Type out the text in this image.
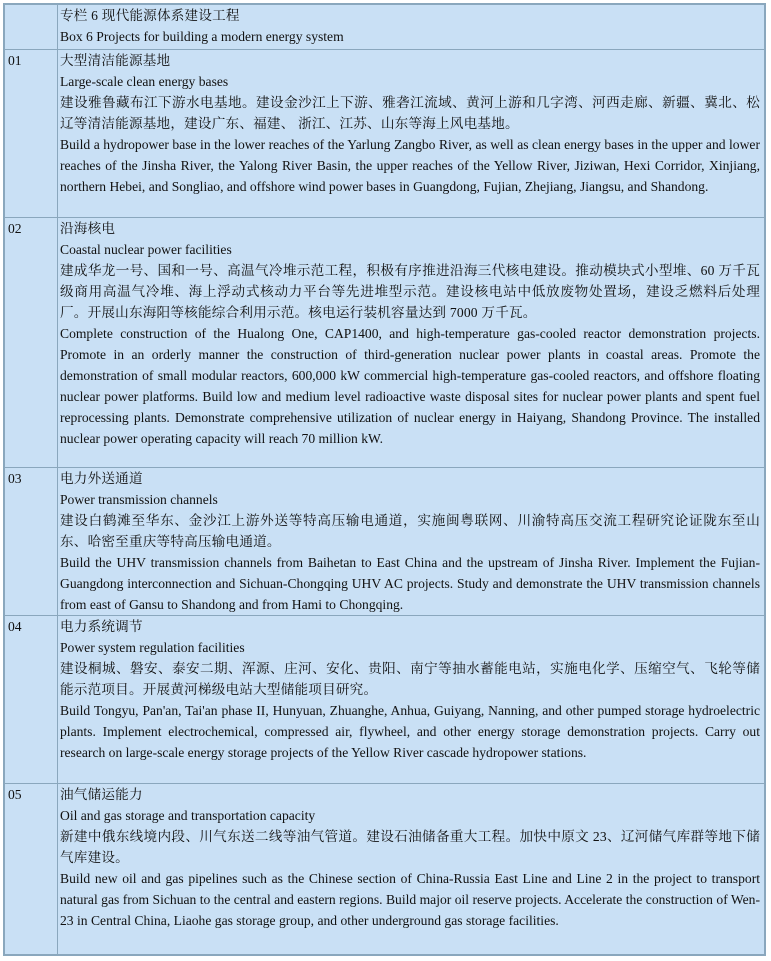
	专栏 6 现代能源体系建设工程
Box 6 Projects for building a modern energy system

01	大型清洁能源基地
Large-scale clean energy bases
建设雅鲁藏布江下游水电基地。建设金沙江上下游、雅砻江流域、黄河上游和几字湾、河西走廊、新疆、冀北、松辽等清洁能源基地，建设广东、福建、 浙江、江苏、山东等海上风电基地。
Build a hydropower base in the lower reaches of the Yarlung Zangbo River, as well as clean energy bases in the upper and lower reaches of the Jinsha River, the Yalong River Basin, the upper reaches of the Yellow River, Jiziwan, Hexi Corridor, Xinjiang, northern Hebei, and Songliao, and offshore wind power bases in Guangdong, Fujian, Zhejiang, Jiangsu, and Shandong.

02	沿海核电
Coastal nuclear power facilities
建成华龙一号、国和一号、高温气冷堆示范工程，积极有序推进沿海三代核电建设。推动模块式小型堆、60 万千瓦级商用高温气冷堆、海上浮动式核动力平台等先进堆型示范。建设核电站中低放废物处置场，建设乏燃料后处理厂。开展山东海阳等核能综合利用示范。核电运行装机容量达到 7000 万千瓦。
Complete construction of the Hualong One, CAP1400, and high-temperature gas-cooled reactor demonstration projects. Promote in an orderly manner the construction of third-generation nuclear power plants in coastal areas. Promote the demonstration of small modular reactors, 600,000 kW commercial high-temperature gas-cooled reactors, and offshore floating nuclear power platforms. Build low and medium level radioactive waste disposal sites for nuclear power plants and spent fuel reprocessing plants. Demonstrate comprehensive utilization of nuclear energy in Haiyang, Shandong Province. The installed nuclear power operating capacity will reach 70 million kW.

03	电力外送通道
Power transmission channels
建设白鹤滩至华东、金沙江上游外送等特高压输电通道，实施闽粤联网、川渝特高压交流工程研究论证陇东至山东、哈密至重庆等特高压输电通道。
Build the UHV transmission channels from Baihetan to East China and the upstream of Jinsha River. Implement the Fujian-Guangdong interconnection and Sichuan-Chongqing UHV AC projects. Study and demonstrate the UHV transmission channels from east of Gansu to Shandong and from Hami to Chongqing.

04	电力系统调节
Power system regulation facilities
建设桐城、磐安、泰安二期、浑源、庄河、安化、贵阳、南宁等抽水蓄能电站，实施电化学、压缩空气、飞轮等储能示范项目。开展黄河梯级电站大型储能项目研究。
Build Tongyu, Pan'an, Tai'an phase II, Hunyuan, Zhuanghe, Anhua, Guiyang, Nanning, and other pumped storage hydroelectric plants. Implement electrochemical, compressed air, flywheel, and other energy storage demonstration projects. Carry out research on large-scale energy storage projects of the Yellow River cascade hydropower stations.

05	油气储运能力
Oil and gas storage and transportation capacity
新建中俄东线境内段、川气东送二线等油气管道。建设石油储备重大工程。加快中原文 23、辽河储气库群等地下储气库建设。
Build new oil and gas pipelines such as the Chinese section of China-Russia East Line and Line 2 in the project to transport natural gas from Sichuan to the central and eastern regions. Build major oil reserve projects. Accelerate the construction of Wen-23 in Central China, Liaohe gas storage group, and other underground gas storage facilities.
